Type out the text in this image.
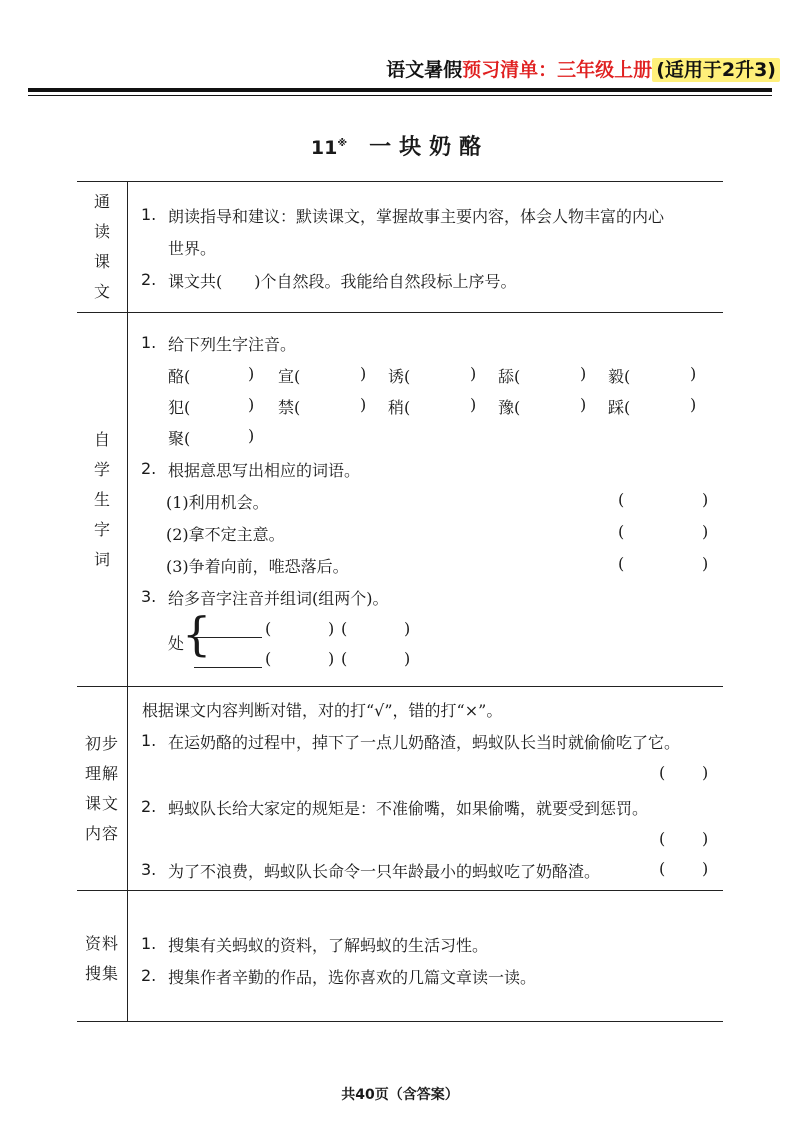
语文暑假预习清单：三年级上册 (适用于2升3)
11※ 一块奶酪
通
读
课
文
1. 朗读指导和建议：默读课文，掌握故事主要内容，体会人物丰富的内心
世界。
2. 课文共(　　)个自然段。我能给自然段标上序号。
自
学
生
字
词
1. 给下列生字注音。
酪(	) 宣(	) 诱(	) 舔(	) 毅(	)
犯(	) 禁(	) 稍(	) 豫(	) 踩(	)
聚(	)
2. 根据意思写出相应的词语。
(1)利用机会。	(	)
(2)拿不定主意。	(	)
(3)争着向前，唯恐落后。	(	)
3. 给多音字注音并组词(组两个)。
处
{	(	) (	)
(	) (	)
初步
理解
课文
内容
根据课文内容判断对错，对的打“√”，错的打“×”。
1. 在运奶酪的过程中，掉下了一点儿奶酪渣，蚂蚁队长当时就偷偷吃了它。
( )
2. 蚂蚁队长给大家定的规矩是：不准偷嘴，如果偷嘴，就要受到惩罚。
( )
3. 为了不浪费，蚂蚁队长命令一只年龄最小的蚂蚁吃了奶酪渣。	( )
资料
搜集
1. 搜集有关蚂蚁的资料，了解蚂蚁的生活习性。
2. 搜集作者辛勤的作品，选你喜欢的几篇文章读一读。
共40页（含答案）
